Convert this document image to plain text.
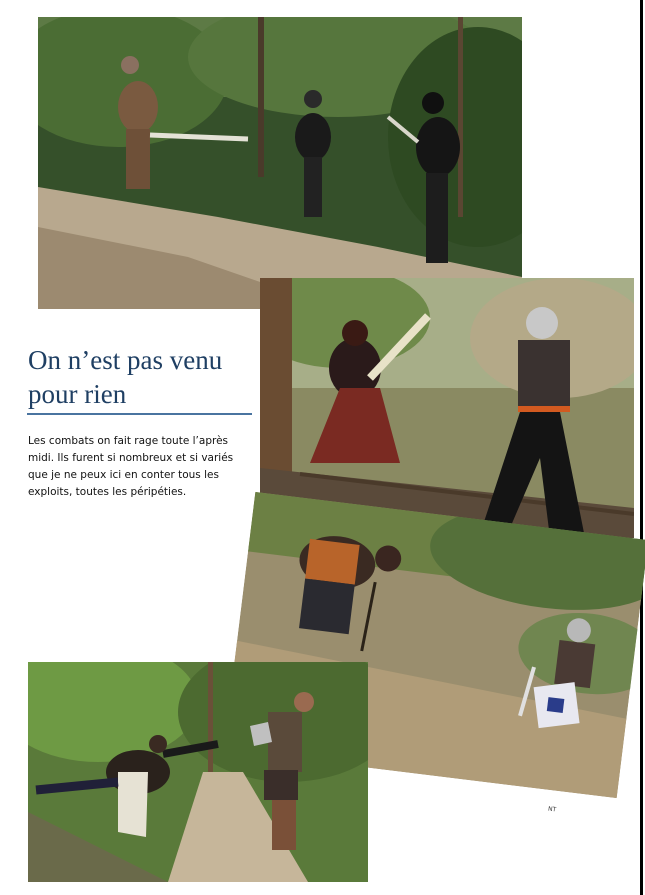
On n’est pas venu
pour rien
Les combats on fait rage toute l’après midi. Ils furent si nombreux et si variés que je ne peux ici en conter tous les exploits, toutes les péripéties.
NT
